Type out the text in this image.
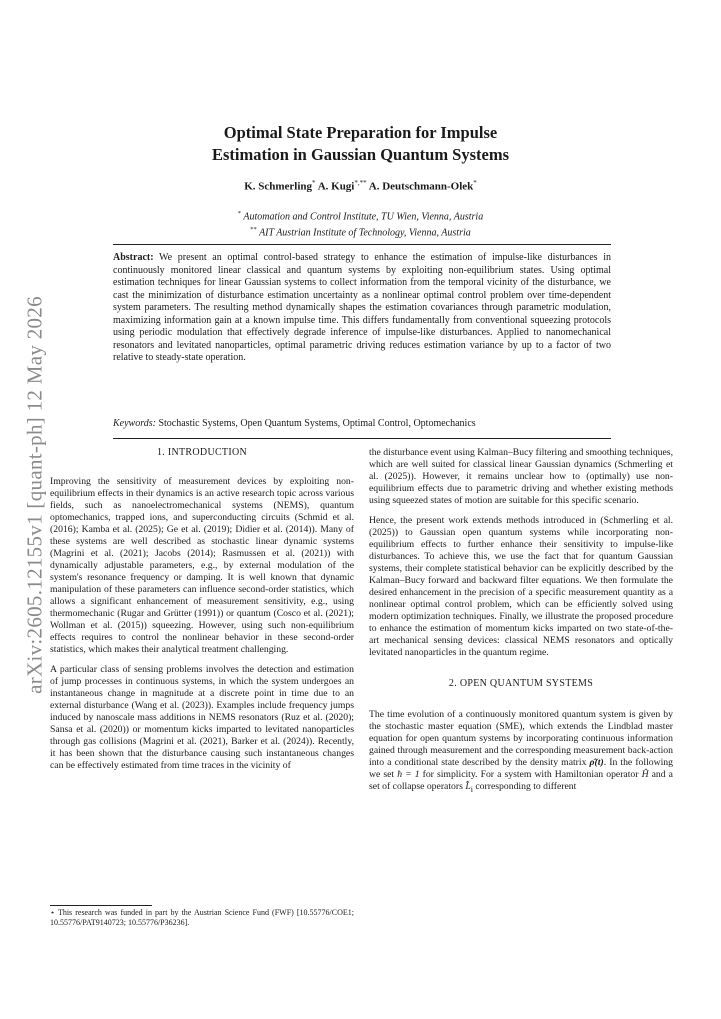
arXiv:2605.12155v1 [quant-ph] 12 May 2026
Optimal State Preparation for Impulse
Estimation in Gaussian Quantum Systems
K. Schmerling* A. Kugi*,** A. Deutschmann-Olek*
* Automation and Control Institute, TU Wien, Vienna, Austria
** AIT Austrian Institute of Technology, Vienna, Austria
Abstract: We present an optimal control-based strategy to enhance the estimation of impulse-like disturbances in continuously monitored linear classical and quantum systems by exploiting non-equilibrium states. Using optimal estimation techniques for linear Gaussian systems to collect information from the temporal vicinity of the disturbance, we cast the minimization of disturbance estimation uncertainty as a nonlinear optimal control problem over time-dependent system parameters. The resulting method dynamically shapes the estimation covariances through parametric modulation, maximizing information gain at a known impulse time. This differs fundamentally from conventional squeezing protocols using periodic modulation that effectively degrade inference of impulse-like disturbances. Applied to nanomechanical resonators and levitated nanoparticles, optimal parametric driving reduces estimation variance by up to a factor of two relative to steady-state operation.
Keywords: Stochastic Systems, Open Quantum Systems, Optimal Control, Optomechanics
1. INTRODUCTION

Improving the sensitivity of measurement devices by exploiting non-equilibrium effects in their dynamics is an active research topic across various fields, such as nanoelectromechanical systems (NEMS), quantum optomechanics, trapped ions, and superconducting circuits (Schmid et al. (2016); Kamba et al. (2025); Ge et al. (2019); Didier et al. (2014)). Many of these systems are well described as stochastic linear dynamic systems (Magrini et al. (2021); Jacobs (2014); Rasmussen et al. (2021)) with dynamically adjustable parameters, e.g., by external modulation of the system's resonance frequency or damping. It is well known that dynamic manipulation of these parameters can influence second-order statistics, which allows a significant enhancement of measurement sensitivity, e.g., using thermomechanic (Rugar and Grütter (1991)) or quantum (Cosco et al. (2021); Wollman et al. (2015)) squeezing. However, using such non-equilibrium effects requires to control the nonlinear behavior in these second-order statistics, which makes their analytical treatment challenging.

A particular class of sensing problems involves the detection and estimation of jump processes in continuous systems, in which the system undergoes an instantaneous change in magnitude at a discrete point in time due to an external disturbance (Wang et al. (2023)). Examples include frequency jumps induced by nanoscale mass additions in NEMS resonators (Ruz et al. (2020); Sansa et al. (2020)) or momentum kicks imparted to levitated nanoparticles through gas collisions (Magrini et al. (2021), Barker et al. (2024)). Recently, it has been shown that the disturbance causing such instantaneous changes can be effectively estimated from time traces in the vicinity of

the disturbance event using Kalman–Bucy filtering and smoothing techniques, which are well suited for classical linear Gaussian dynamics (Schmerling et al. (2025)). However, it remains unclear how to (optimally) use non-equilibrium effects due to parametric driving and whether existing methods using squeezed states of motion are suitable for this specific scenario.

Hence, the present work extends methods introduced in (Schmerling et al. (2025)) to Gaussian open quantum systems while incorporating non-equilibrium effects to further enhance their sensitivity to impulse-like disturbances. To achieve this, we use the fact that for quantum Gaussian systems, their complete statistical behavior can be explicitly described by the Kalman–Bucy forward and backward filter equations. We then formulate the desired enhancement in the precision of a specific measurement quantity as a nonlinear optimal control problem, which can be efficiently solved using modern optimization techniques. Finally, we illustrate the proposed procedure to enhance the estimation of momentum kicks imparted on two state-of-the-art mechanical sensing devices: classical NEMS resonators and optically levitated nanoparticles in the quantum regime.

2. OPEN QUANTUM SYSTEMS

The time evolution of a continuously monitored quantum system is given by the stochastic master equation (SME), which extends the Lindblad master equation for open quantum systems by incorporating continuous information gained through measurement and the corresponding measurement back-action into a conditional state described by the density matrix ρ̂(t). In the following we set ħ = 1 for simplicity. For a system with Hamiltonian operator Ĥ and a set of collapse operators $L̂_i$ corresponding to different

⋆ This research was funded in part by the Austrian Science Fund (FWF) [10.55776/COE1; 10.55776/PAT9140723; 10.55776/P36236].
